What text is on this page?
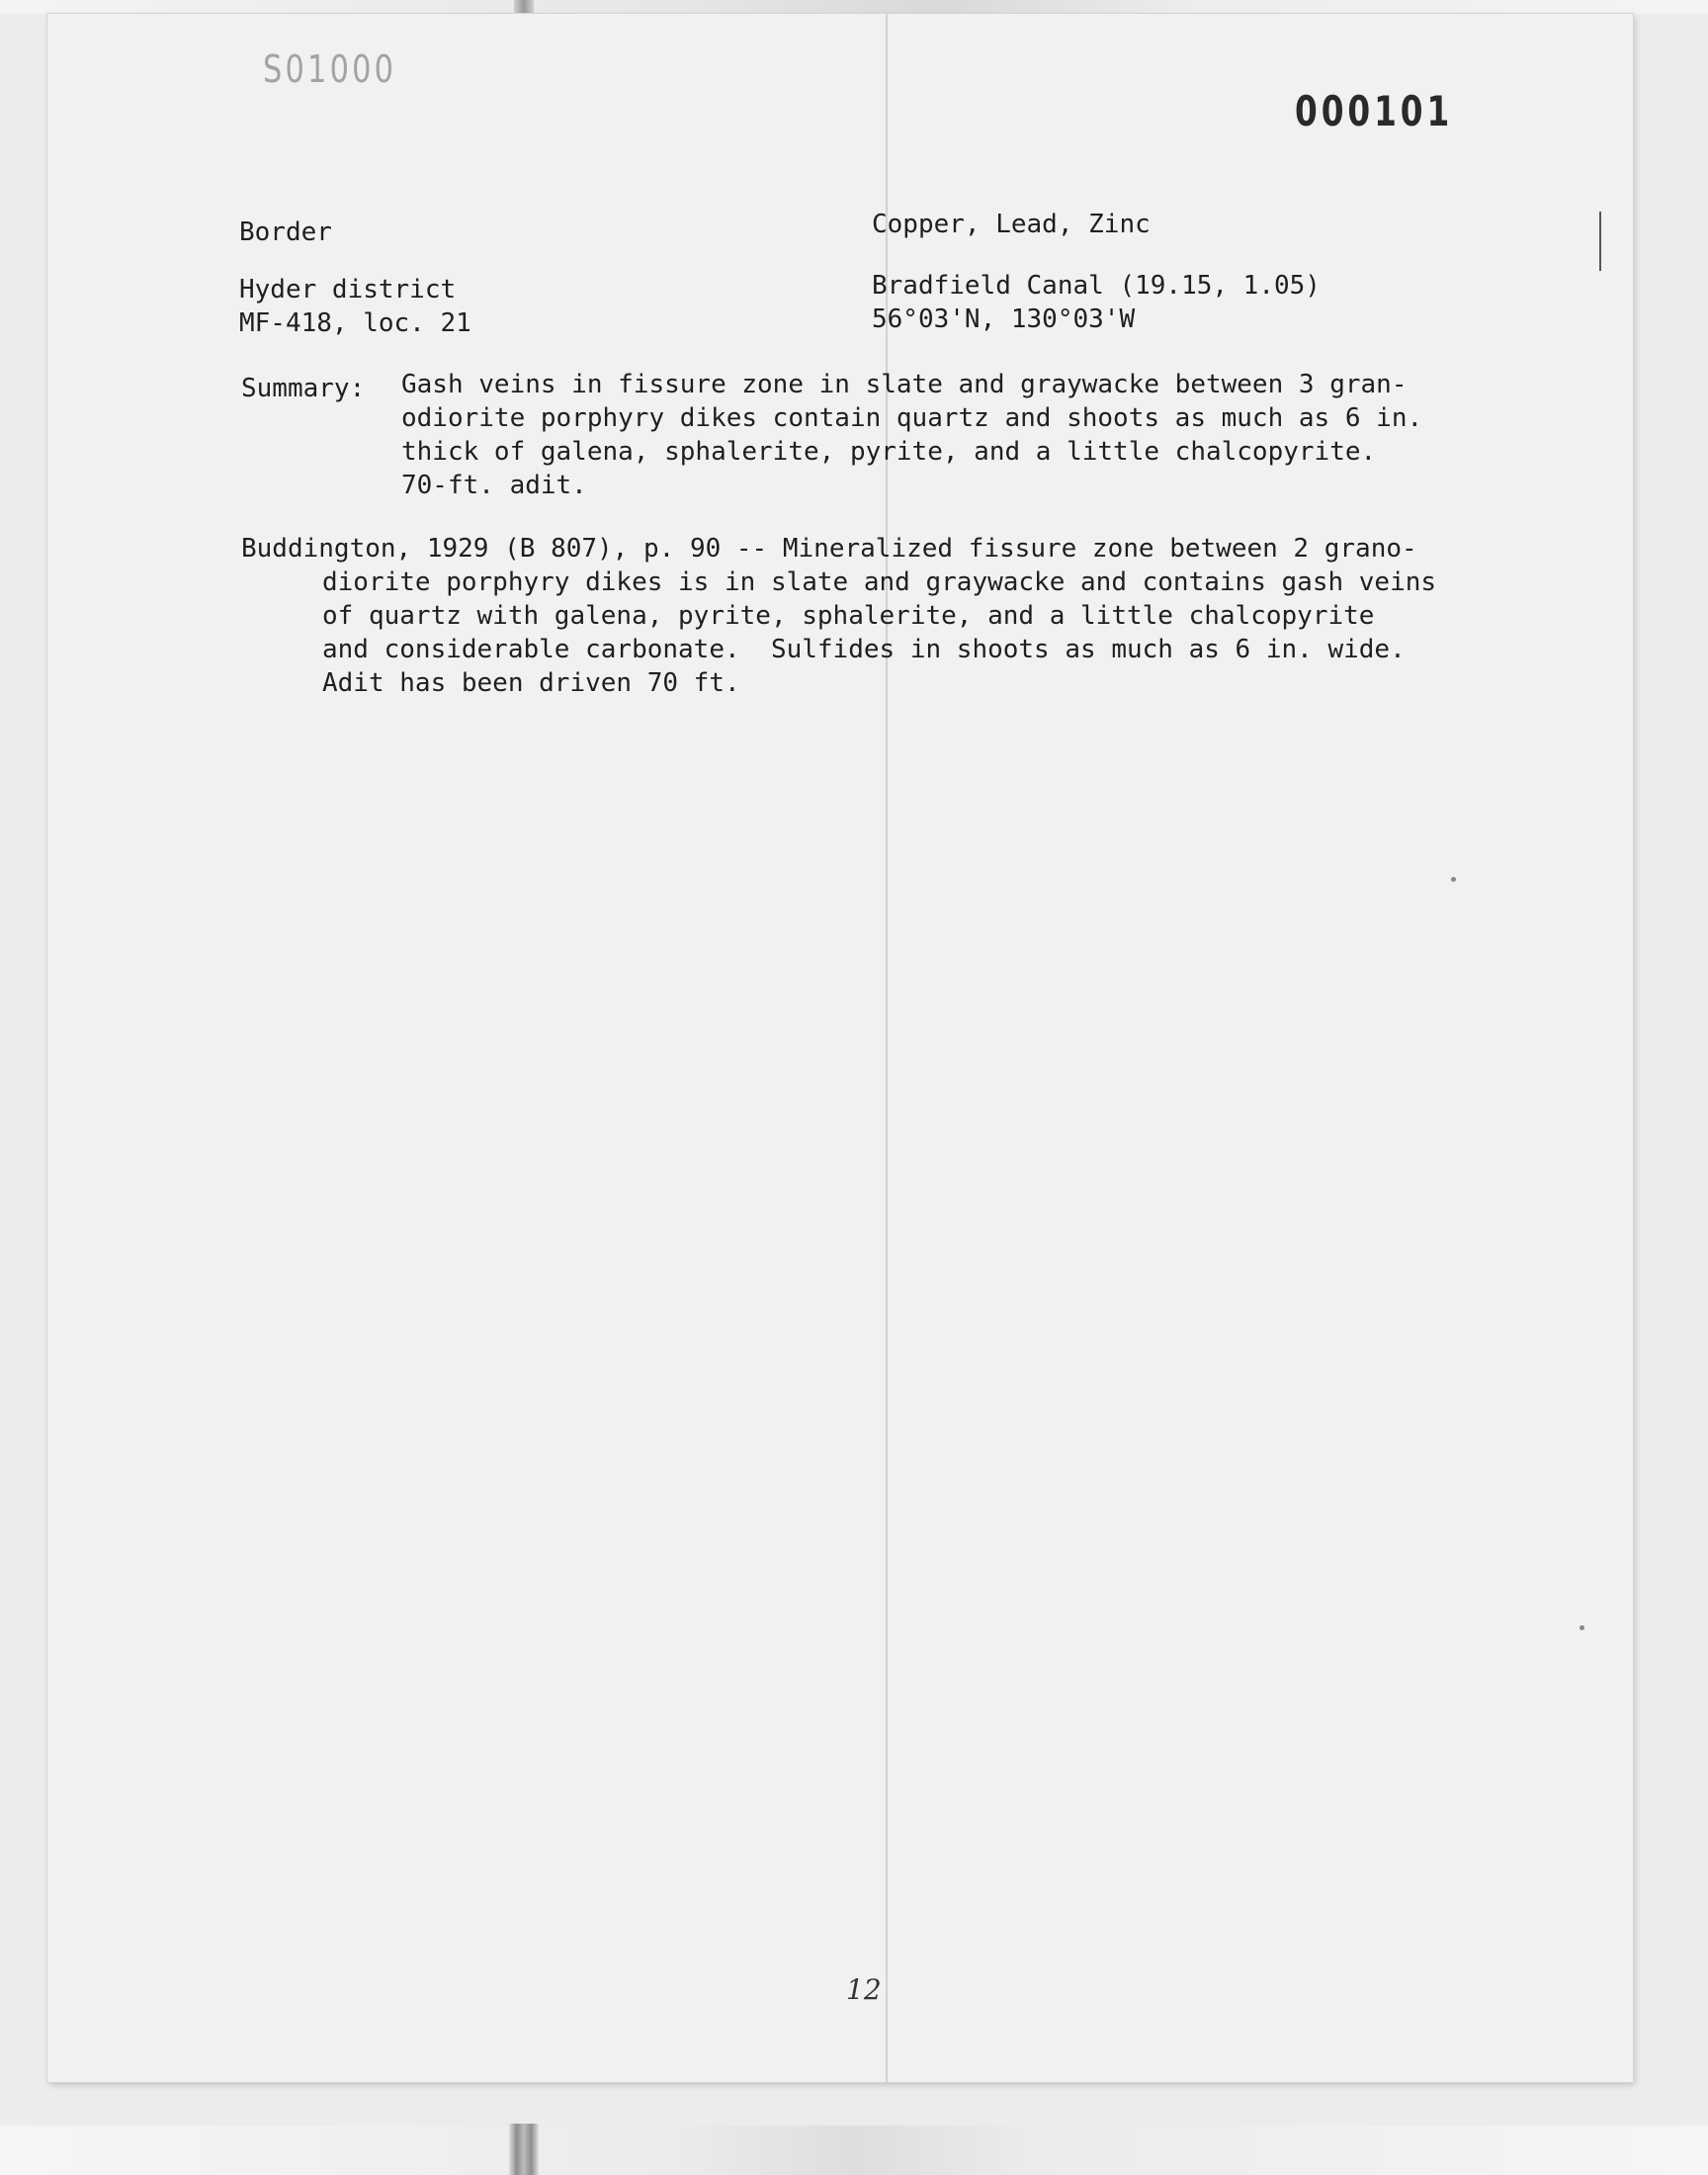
S01000
000101
Border	Copper, Lead, Zinc
Hyder district
MF-418, loc. 21
Bradfield Canal (19.15, 1.05)
56°03'N, 130°03'W
Summary: Gash veins in fissure zone in slate and graywacke between 3 gran-
odiorite porphyry dikes contain quartz and shoots as much as 6 in.
thick of galena, sphalerite, pyrite, and a little chalcopyrite.
70-ft. adit.
Buddington, 1929 (B 807), p. 90 -- Mineralized fissure zone between 2 grano-
diorite porphyry dikes is in slate and graywacke and contains gash veins
of quartz with galena, pyrite, sphalerite, and a little chalcopyrite
and considerable carbonate.  Sulfides in shoots as much as 6 in. wide.
Adit has been driven 70 ft.
12
